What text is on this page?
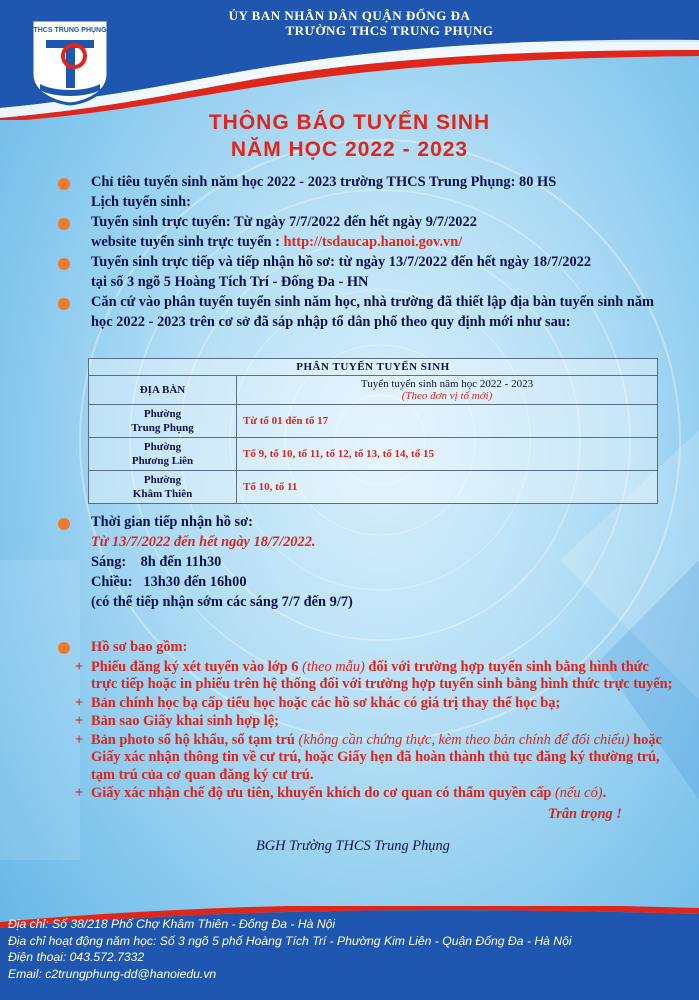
ỦY BAN NHÂN DÂN QUẬN ĐỐNG ĐA
TRƯỜNG THCS TRUNG PHỤNG
THCS TRUNG PHỤNG
THÔNG BÁO TUYỂN SINH
NĂM HỌC 2022 - 2023
Chỉ tiêu tuyển sinh năm học 2022 - 2023 trường THCS Trung Phụng: 80 HS
Lịch tuyển sinh:
Tuyển sinh trực tuyến: Từ ngày 7/7/2022 đến hết ngày 9/7/2022
website tuyển sinh trực tuyến : http://tsdaucap.hanoi.gov.vn/
Tuyển sinh trực tiếp và tiếp nhận hồ sơ: từ ngày 13/7/2022 đến hết ngày 18/7/2022
tại số 3 ngõ 5 Hoàng Tích Trí - Đống Đa - HN
Căn cứ vào phân tuyến tuyển sinh năm học, nhà trường đã thiết lập địa bàn tuyển sinh năm học 2022 - 2023 trên cơ sở đã sáp nhập tổ dân phố theo quy định mới như sau:
PHÂN TUYẾN TUYỂN SINH	
ĐỊA BÀN	Tuyển tuyển sinh năm học 2022 - 2023
(Theo đơn vị tổ mới)
Phường
Trung Phụng	Từ tổ 01 đến tổ 17
Phường
Phương Liên	Tổ 9, tổ 10, tổ 11, tổ 12, tổ 13, tổ 14, tổ 15
Phường
Khâm Thiên	Tổ 10, tổ 11
Thời gian tiếp nhận hồ sơ:
Từ 13/7/2022 đến hết ngày 18/7/2022.
Sáng:    8h đến 11h30
Chiều:   13h30 đến 16h00
(có thể tiếp nhận sớm các sáng 7/7 đến 9/7)
Hồ sơ bao gồm:
+ Phiếu đăng ký xét tuyển vào lớp 6 (theo mẫu) đối với trường hợp tuyển sinh bằng hình thức trực tiếp hoặc in phiếu trên hệ thống đối với trường hợp tuyển sinh bằng hình thức trực tuyến;
+ Bản chính học bạ cấp tiểu học hoặc các hồ sơ khác có giá trị thay thế học bạ;
+ Bản sao Giấy khai sinh hợp lệ;
+ Bản photo sổ hộ khẩu, sổ tạm trú (không cần chứng thực, kèm theo bản chính để đối chiếu) hoặc Giấy xác nhận thông tin về cư trú, hoặc Giấy hẹn đã hoàn thành thủ tục đăng ký thường trú, tạm trú của cơ quan đăng ký cư trú.
+ Giấy xác nhận chế độ ưu tiên, khuyến khích do cơ quan có thẩm quyền cấp (nếu có).
Trân trọng !
BGH Trường THCS Trung Phụng
Địa chỉ: Số 38/218 Phố Chợ Khâm Thiên - Đống Đa - Hà Nội
Địa chỉ hoạt động năm học: Số 3 ngõ 5 phố Hoàng Tích Trí - Phường Kim Liên - Quận Đống Đa - Hà Nội
Điện thoại: 043.572.7332
Email: c2trungphung-dd@hanoiedu.vn
